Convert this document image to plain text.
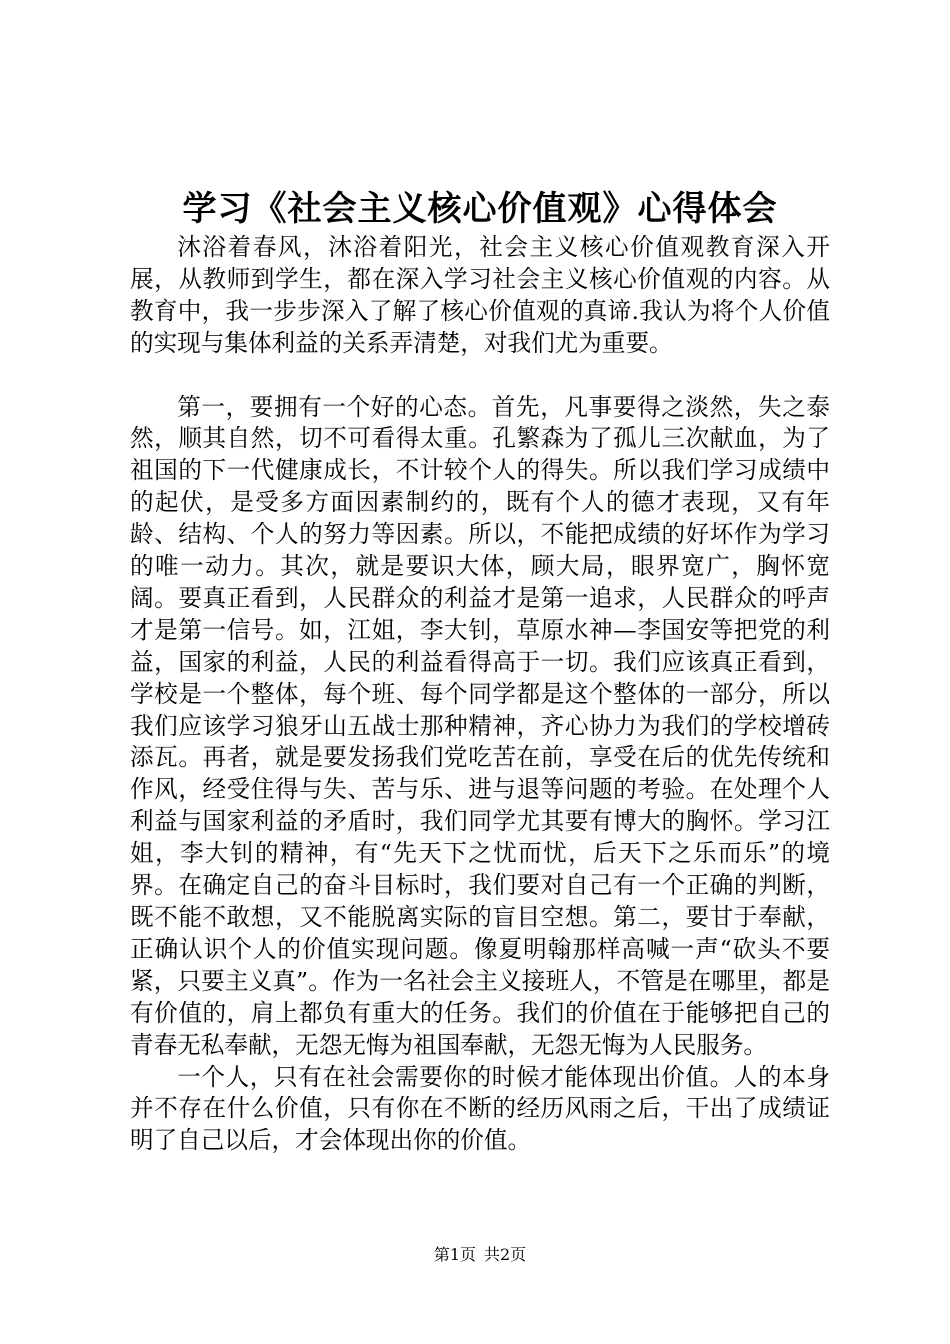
学习《社会主义核心价值观》心得体会

沐浴着春风，沐浴着阳光，社会主义核心价值观教育深入开展，从教师到学生，都在深入学习社会主义核心价值观的内容。从教育中，我一步步深入了解了核心价值观的真谛.我认为将个人价值的实现与集体利益的关系弄清楚，对我们尤为重要。

第一，要拥有一个好的心态。首先，凡事要得之淡然，失之泰然，顺其自然，切不可看得太重。孔繁森为了孤儿三次献血，为了祖国的下一代健康成长，不计较个人的得失。所以我们学习成绩中的起伏，是受多方面因素制约的，既有个人的德才表现，又有年龄、结构、个人的努力等因素。所以，不能把成绩的好坏作为学习的唯一动力。其次，就是要识大体，顾大局，眼界宽广，胸怀宽阔。要真正看到，人民群众的利益才是第一追求，人民群众的呼声才是第一信号。如，江姐，李大钊，草原水神—李国安等把党的利益，国家的利益，人民的利益看得高于一切。我们应该真正看到，学校是一个整体，每个班、每个同学都是这个整体的一部分，所以我们应该学习狼牙山五战士那种精神，齐心协力为我们的学校增砖添瓦。再者，就是要发扬我们党吃苦在前，享受在后的优先传统和作风，经受住得与失、苦与乐、进与退等问题的考验。在处理个人利益与国家利益的矛盾时，我们同学尤其要有博大的胸怀。学习江姐，李大钊的精神，有“先天下之忧而忧，后天下之乐而乐”的境界。在确定自己的奋斗目标时，我们要对自己有一个正确的判断，既不能不敢想，又不能脱离实际的盲目空想。第二，要甘于奉献，正确认识个人的价值实现问题。像夏明翰那样高喊一声“砍头不要紧，只要主义真”。作为一名社会主义接班人，不管是在哪里，都是有价值的，肩上都负有重大的任务。我们的价值在于能够把自己的青春无私奉献，无怨无悔为祖国奉献，无怨无悔为人民服务。

一个人，只有在社会需要你的时候才能体现出价值。人的本身并不存在什么价值，只有你在不断的经历风雨之后，干出了成绩证明了自己以后，才会体现出你的价值。

第1页 共2页
